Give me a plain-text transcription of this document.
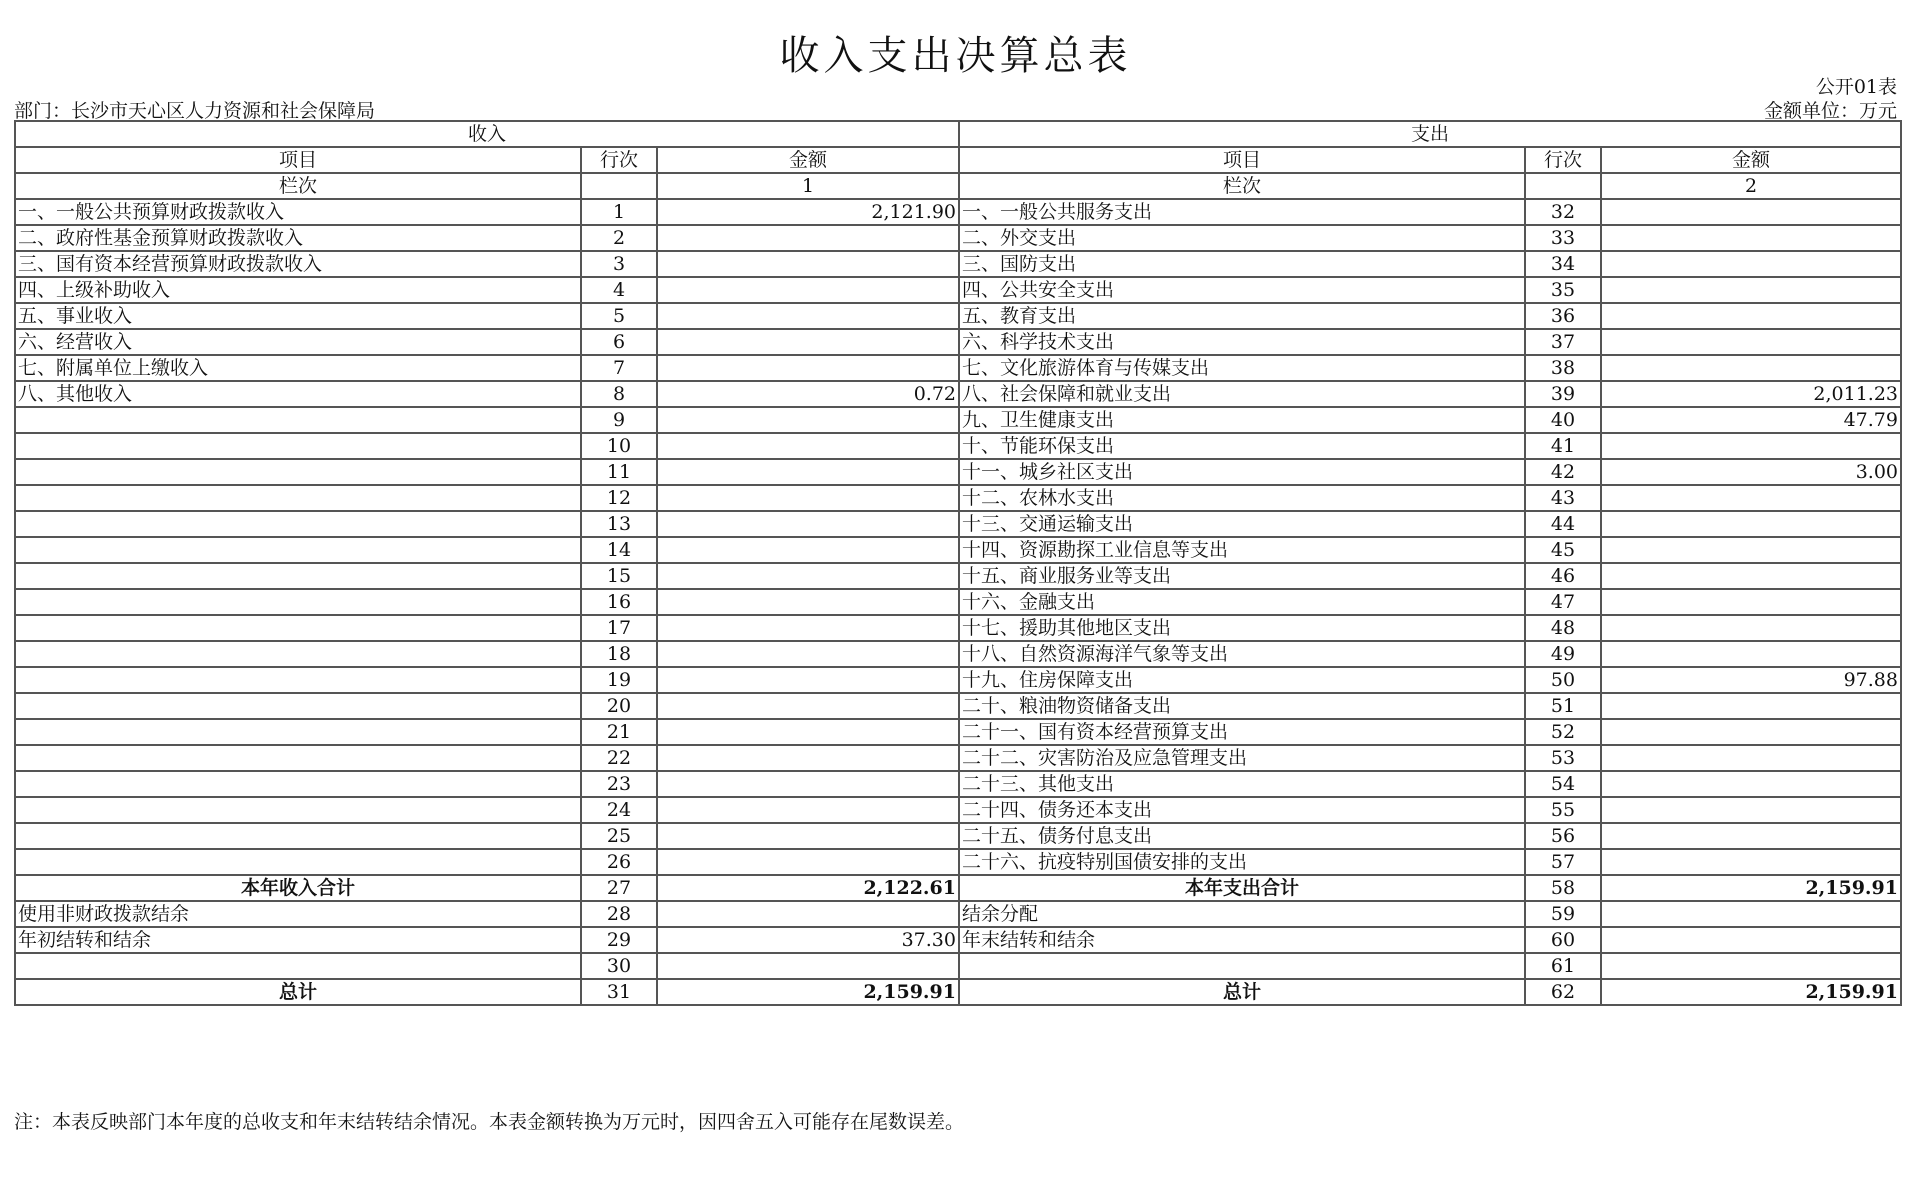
收入支出决算总表
公开01表
部门：长沙市天心区人力资源和社会保障局	金额单位：万元
收入			支出		
项目	行次	金额	项目	行次	金额
栏次		1	栏次		2
一、一般公共预算财政拨款收入	1	2,121.90	一、一般公共服务支出	32	
二、政府性基金预算财政拨款收入	2		二、外交支出	33	
三、国有资本经营预算财政拨款收入	3		三、国防支出	34	
四、上级补助收入	4		四、公共安全支出	35	
五、事业收入	5		五、教育支出	36	
六、经营收入	6		六、科学技术支出	37	
七、附属单位上缴收入	7		七、文化旅游体育与传媒支出	38	
八、其他收入	8	0.72	八、社会保障和就业支出	39	2,011.23
	9		九、卫生健康支出	40	47.79
	10		十、节能环保支出	41	
	11		十一、城乡社区支出	42	3.00
	12		十二、农林水支出	43	
	13		十三、交通运输支出	44	
	14		十四、资源勘探工业信息等支出	45	
	15		十五、商业服务业等支出	46	
	16		十六、金融支出	47	
	17		十七、援助其他地区支出	48	
	18		十八、自然资源海洋气象等支出	49	
	19		十九、住房保障支出	50	97.88
	20		二十、粮油物资储备支出	51	
	21		二十一、国有资本经营预算支出	52	
	22		二十二、灾害防治及应急管理支出	53	
	23		二十三、其他支出	54	
	24		二十四、债务还本支出	55	
	25		二十五、债务付息支出	56	
	26		二十六、抗疫特别国债安排的支出	57	
本年收入合计	27	2,122.61	本年支出合计	58	2,159.91
使用非财政拨款结余	28		结余分配	59	
年初结转和结余	29	37.30	年末结转和结余	60	
	30			61	
总计	31	2,159.91	总计	62	2,159.91
注：本表反映部门本年度的总收支和年末结转结余情况。本表金额转换为万元时，因四舍五入可能存在尾数误差。
